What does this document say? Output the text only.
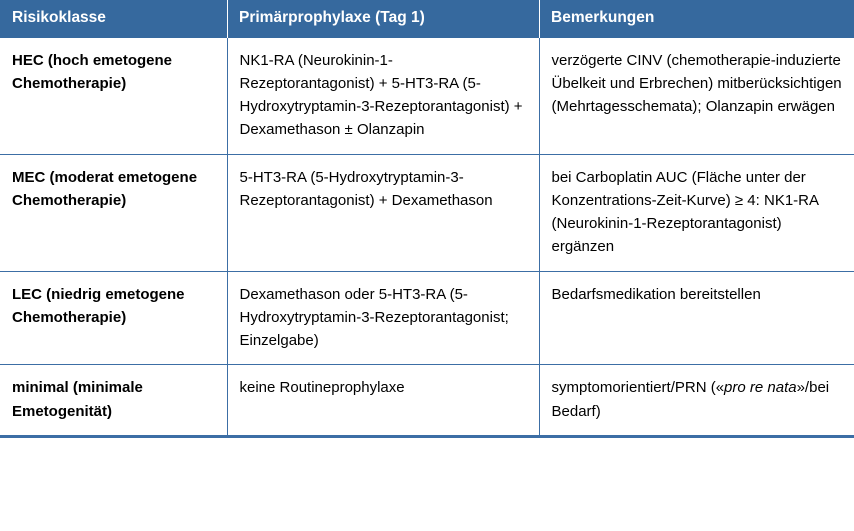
Risikoklasse	Primärprophylaxe (Tag 1)	Bemerkungen
HEC (hoch emetogene Chemotherapie)	NK1-RA (Neurokinin-1-Rezeptorantagonist) + 5-HT3-RA (5-Hydroxytryptamin-3-Rezeptorantagonist) + Dexamethason ± Olanzapin	verzögerte CINV (chemotherapie-induzierte Übelkeit und Erbrechen) mitberücksichtigen (Mehrtagesschemata); Olanzapin erwägen
MEC (moderat emetogene Chemotherapie)	5-HT3-RA (5-Hydroxytryptamin-3-Rezeptorantagonist) + Dexamethason	bei Carboplatin AUC (Fläche unter der Konzentrations-Zeit-Kurve) ≥ 4: NK1-RA (Neurokinin-1-Rezeptorantagonist) ergänzen
LEC (niedrig emetogene Chemotherapie)	Dexamethason oder 5-HT3-RA (5-Hydroxytryptamin-3-Rezeptorantagonist; Einzelgabe)	Bedarfsmedikation bereitstellen
minimal (minimale Emetogenität)	keine Routineprophylaxe	symptomorientiert/PRN («pro re nata»/bei Bedarf)
